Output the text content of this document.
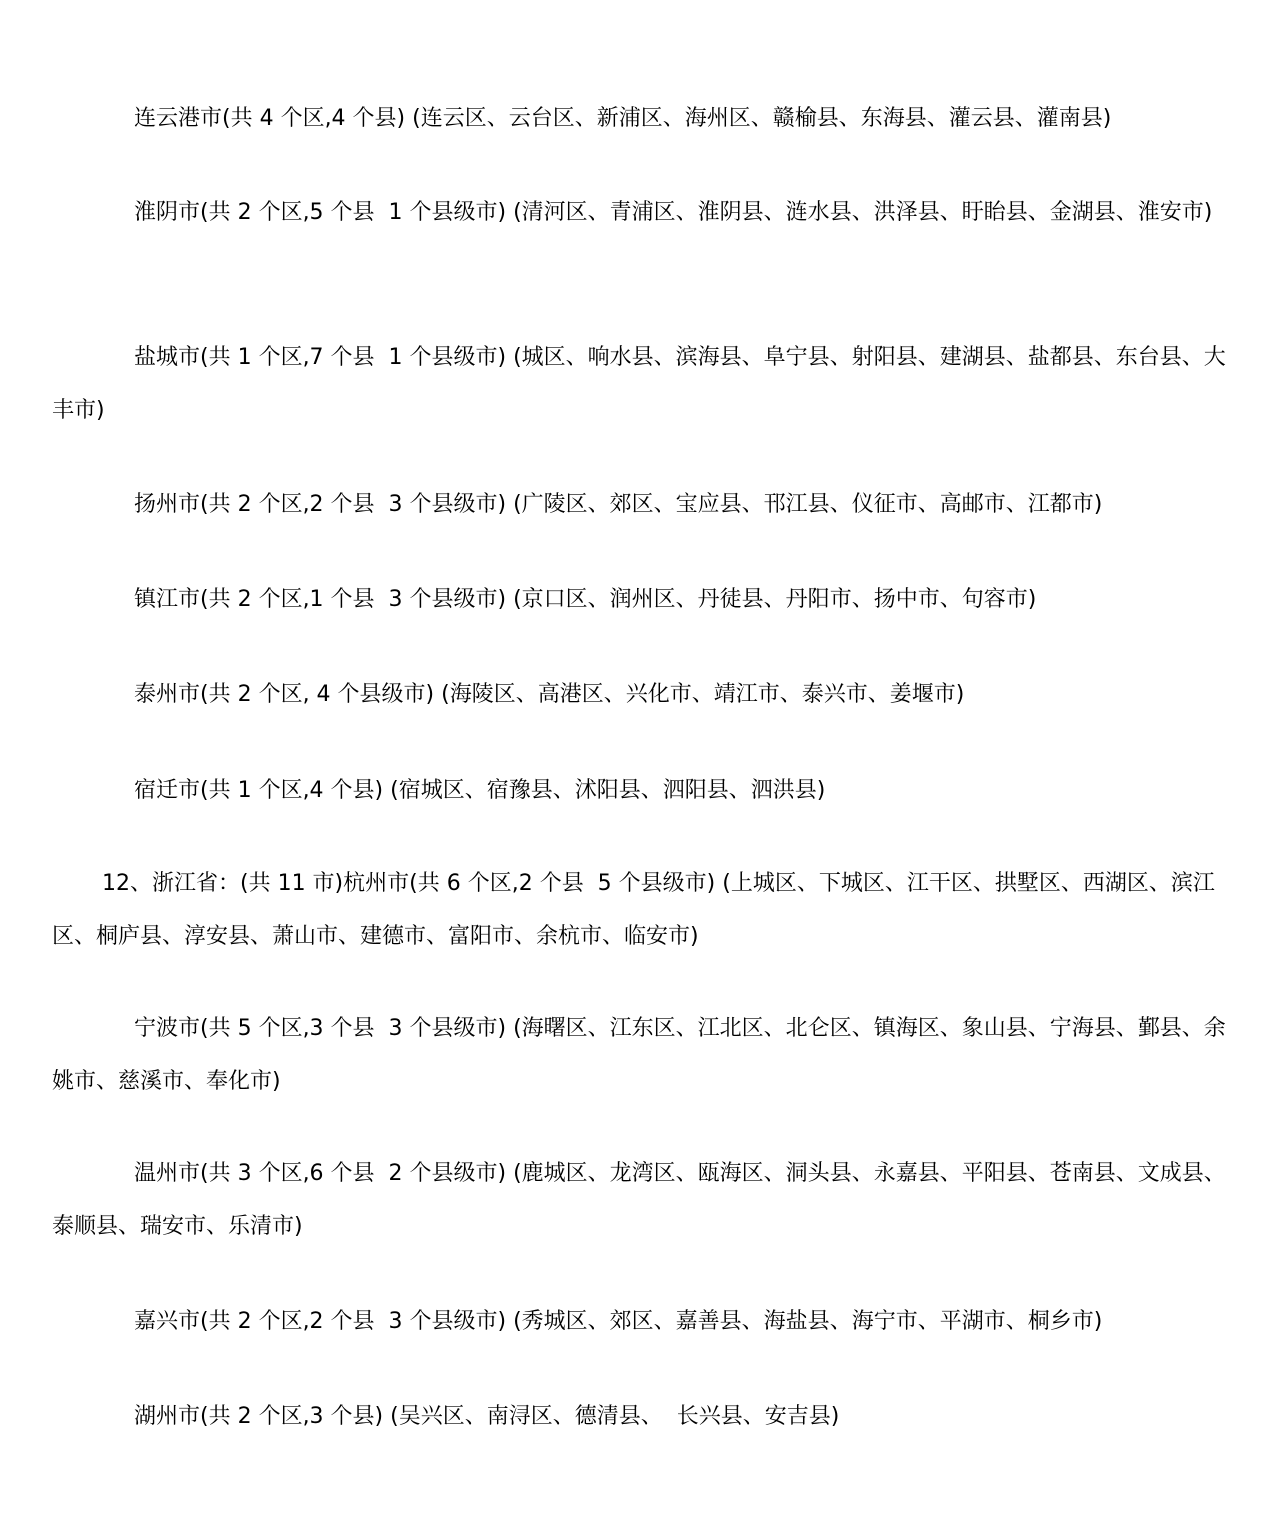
连云港市(共 4 个区,4 个县) (连云区、云台区、新浦区、海州区、赣榆县、东海县、灌云县、灌南县)

淮阴市(共 2 个区,5 个县  1 个县级市) (清河区、青浦区、淮阴县、涟水县、洪泽县、盱眙县、金湖县、淮安市)

盐城市(共 1 个区,7 个县  1 个县级市) (城区、响水县、滨海县、阜宁县、射阳县、建湖县、盐都县、东台县、大丰市)

扬州市(共 2 个区,2 个县  3 个县级市) (广陵区、郊区、宝应县、邗江县、仪征市、高邮市、江都市)

镇江市(共 2 个区,1 个县  3 个县级市) (京口区、润州区、丹徒县、丹阳市、扬中市、句容市)

泰州市(共 2 个区, 4 个县级市) (海陵区、高港区、兴化市、靖江市、泰兴市、姜堰市)

宿迁市(共 1 个区,4 个县) (宿城区、宿豫县、沭阳县、泗阳县、泗洪县)

12、浙江省：(共 11 市)杭州市(共 6 个区,2 个县  5 个县级市) (上城区、下城区、江干区、拱墅区、西湖区、滨江区、桐庐县、淳安县、萧山市、建德市、富阳市、余杭市、临安市)

宁波市(共 5 个区,3 个县  3 个县级市) (海曙区、江东区、江北区、北仑区、镇海区、象山县、宁海县、鄞县、余姚市、慈溪市、奉化市)

温州市(共 3 个区,6 个县  2 个县级市) (鹿城区、龙湾区、瓯海区、洞头县、永嘉县、平阳县、苍南县、文成县、泰顺县、瑞安市、乐清市)

嘉兴市(共 2 个区,2 个县  3 个县级市) (秀城区、郊区、嘉善县、海盐县、海宁市、平湖市、桐乡市)

湖州市(共 2 个区,3 个县) (吴兴区、南浔区、德清县、  长兴县、安吉县)
